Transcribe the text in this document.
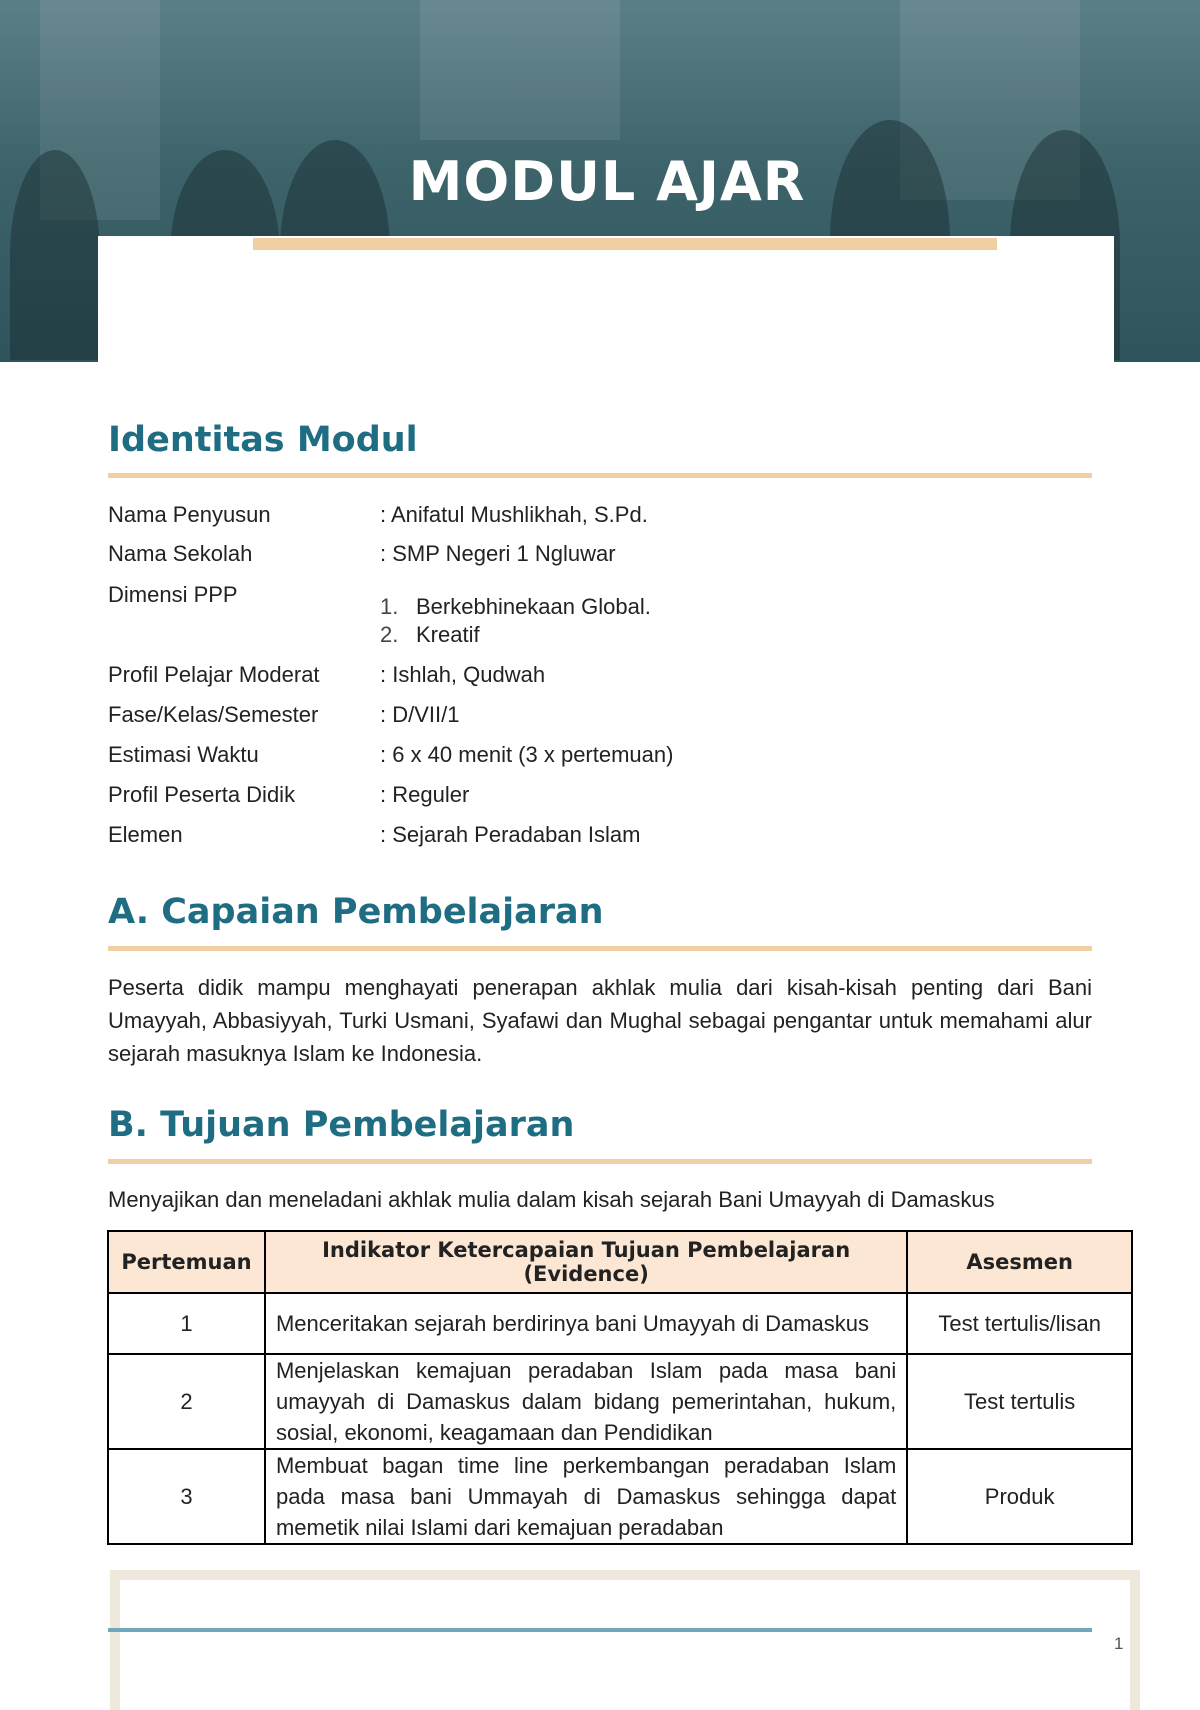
MODUL AJAR
Identitas Modul
Nama Penyusun	: Anifatul Mushlikhah, S.Pd.
Nama Sekolah	: SMP Negeri 1 Ngluwar
Dimensi PPP	1. Berkebhinekaan Global.
2. Kreatif
Profil Pelajar Moderat	: Ishlah, Qudwah
Fase/Kelas/Semester	: D/VII/1
Estimasi Waktu	: 6 x 40 menit (3 x pertemuan)
Profil Peserta Didik	: Reguler
Elemen	: Sejarah Peradaban Islam
A. Capaian Pembelajaran
Peserta didik mampu menghayati penerapan akhlak mulia dari kisah-kisah penting dari Bani Umayyah, Abbasiyyah, Turki Usmani, Syafawi dan Mughal sebagai pengantar untuk memahami alur sejarah masuknya Islam ke Indonesia.
B. Tujuan Pembelajaran
Menyajikan dan meneladani akhlak mulia dalam kisah sejarah Bani Umayyah di Damaskus
Pertemuan	Indikator Ketercapaian Tujuan Pembelajaran (Evidence)	Asesmen
1	Menceritakan sejarah berdirinya bani Umayyah di Damaskus	Test tertulis/lisan
2	Menjelaskan kemajuan peradaban Islam pada masa bani umayyah di Damaskus dalam bidang pemerintahan, hukum, sosial, ekonomi, keagamaan dan Pendidikan	Test tertulis
3	Membuat bagan time line perkembangan peradaban Islam pada masa bani Ummayah di Damaskus sehingga dapat memetik nilai Islami dari kemajuan peradaban	Produk
1
